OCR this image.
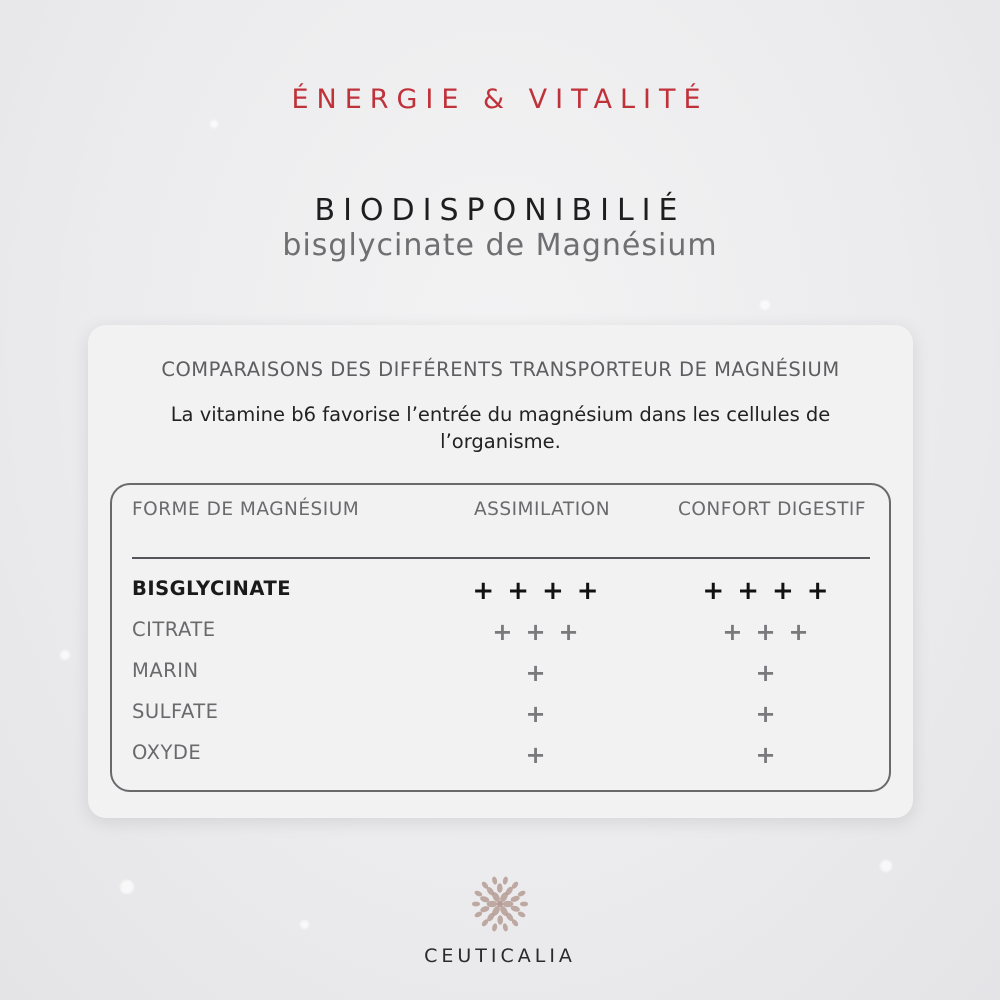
ÉNERGIE & VITALITÉ
BIODISPONIBILIÉ
bisglycinate de Magnésium
COMPARAISONS DES DIFFÉRENTS TRANSPORTEUR DE MAGNÉSIUM
La vitamine b6 favorise l’entrée du magnésium dans les cellules de l’organisme.
FORME DE MAGNÉSIUM	ASSIMILATION	CONFORT DIGESTIF
BISGLYCINATE	++++	++++
CITRATE	+++	+++
MARIN	+	+
SULFATE	+	+
OXYDE	+	+
CEUTICALIA
